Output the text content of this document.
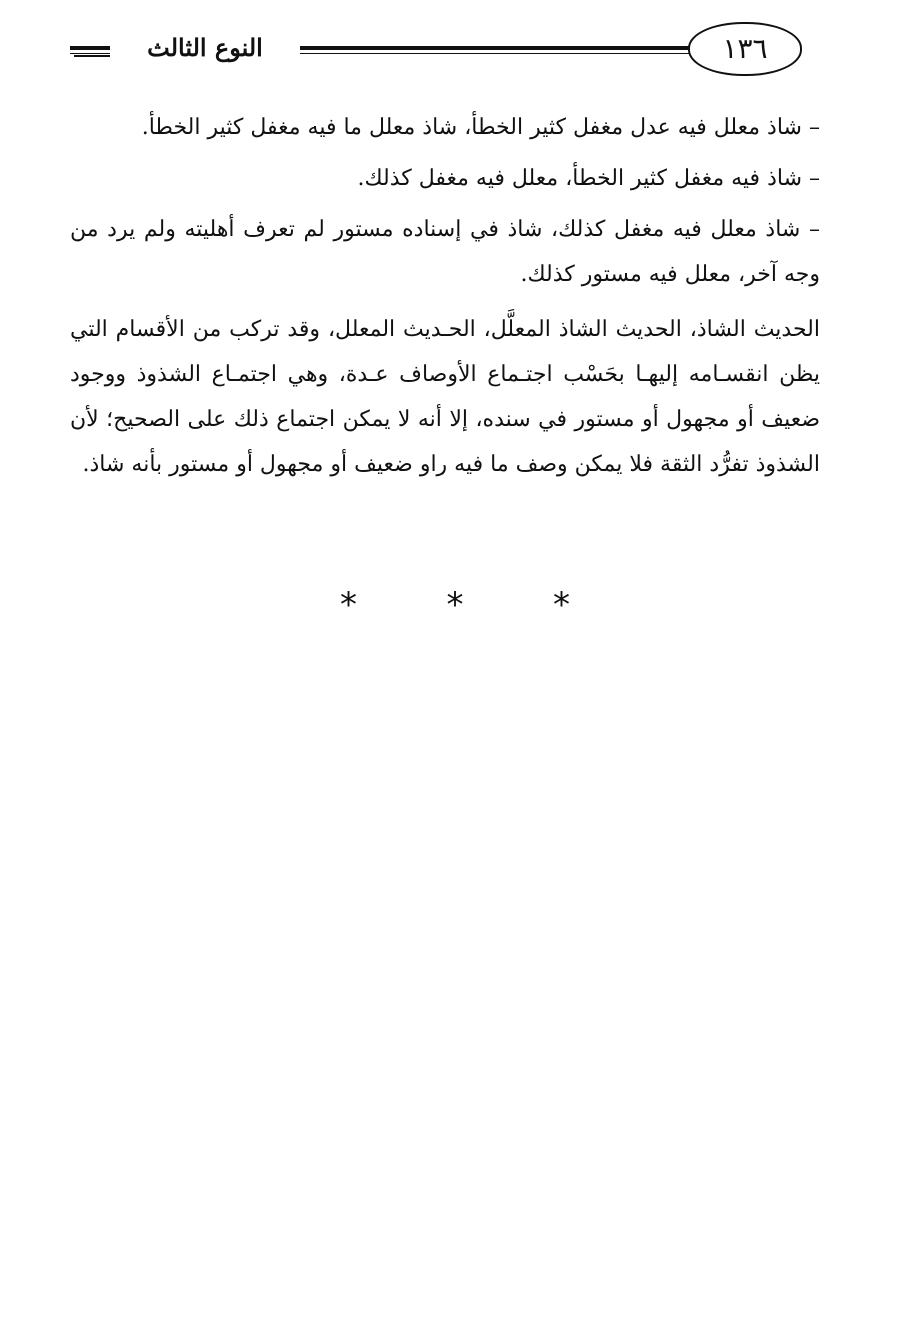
النوع الثالث	١٣٦

– شاذ معلل فيه عدل مغفل كثير الخطأ، شاذ معلل ما فيه مغفل كثير الخطأ.

– شاذ فيه مغفل كثير الخطأ، معلل فيه مغفل كذلك.

– شاذ معلل فيه مغفل كذلك، شاذ في إسناده مستور لم تعرف أهليته ولم يرد من وجه آخر، معلل فيه مستور كذلك.

الحديث الشاذ، الحديث الشاذ المعلَّل، الحـديث المعلل، وقد تركب من الأقسام التي يظن انقسـامه إليهـا بحَسْب اجتـماع الأوصاف عـدة، وهي اجتمـاع الشذوذ ووجود ضعيف أو مجهول أو مستور في سنده، إلا أنه لا يمكن اجتماع ذلك على الصحيح؛ لأن الشذوذ تفرُّد الثقة فلا يمكن وصف ما فيه راو ضعيف أو مجهول أو مستور بأنه شاذ.

*	*	*
